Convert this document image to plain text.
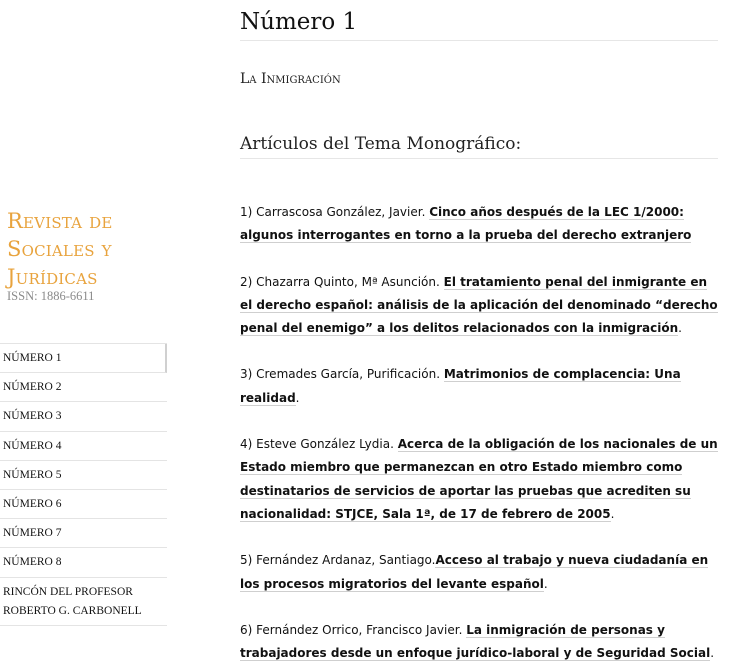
Revista de Sociales y Jurídicas
ISSN: 1886-6611
NÚMERO 1
NÚMERO 2
NÚMERO 3
NÚMERO 4
NÚMERO 5
NÚMERO 6
NÚMERO 7
NÚMERO 8
RINCÓN DEL PROFESOR
ROBERTO G. CARBONELL
Número 1
La Inmigración
Artículos del Tema Monográfico:

1) Carrascosa González, Javier. Cinco años después de la LEC 1/2000: algunos interrogantes en torno a la prueba del derecho extranjero

2) Chazarra Quinto, Mª Asunción. El tratamiento penal del inmigrante en el derecho español: análisis de la aplicación del denominado “derecho penal del enemigo” a los delitos relacionados con la inmigración.

3) Cremades García, Purificación. Matrimonios de complacencia: Una realidad.

4) Esteve González Lydia. Acerca de la obligación de los nacionales de un Estado miembro que permanezcan en otro Estado miembro como destinatarios de servicios de aportar las pruebas que acrediten su nacionalidad: STJCE, Sala 1ª, de 17 de febrero de 2005.

5) Fernández Ardanaz, Santiago.Acceso al trabajo y nueva ciudadanía en los procesos migratorios del levante español.

6) Fernández Orrico, Francisco Javier. La inmigración de personas y trabajadores desde un enfoque jurídico-laboral y de Seguridad Social.
